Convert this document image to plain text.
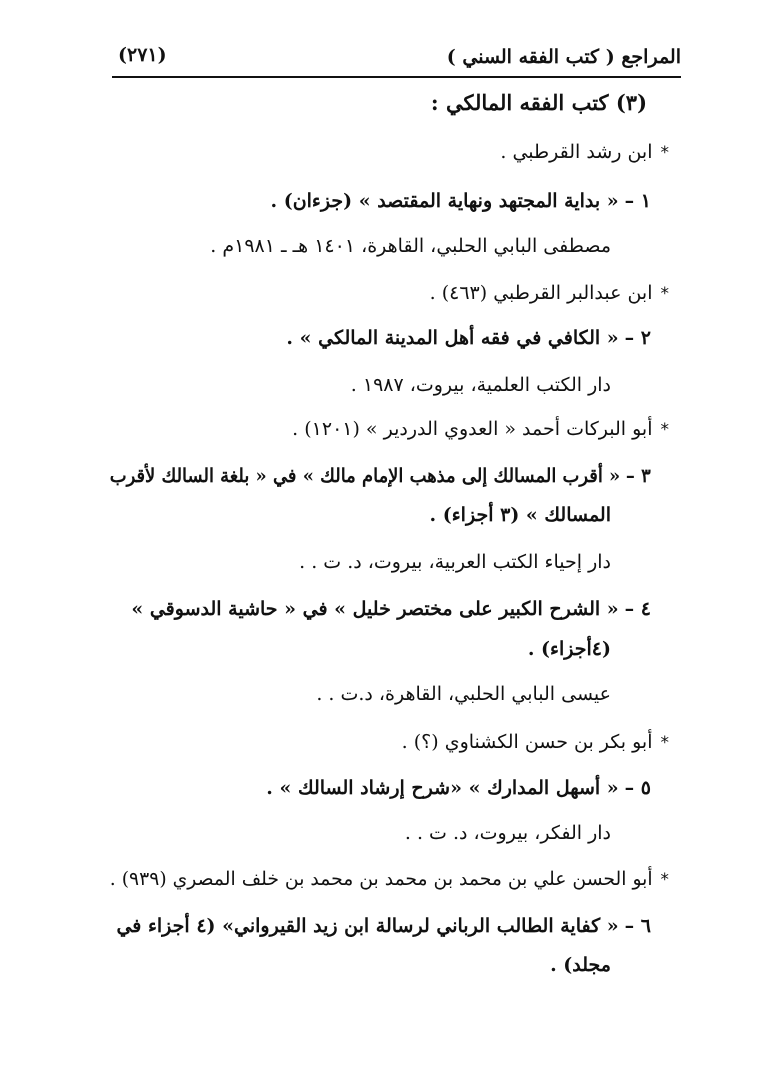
المراجع ( كتب الفقه السني )
(٢٧١)
(٣) كتب الفقه المالكي :
*ابن رشد القرطبي .
١ –« بداية المجتهد ونهاية المقتصد » (جزءان) .
مصطفى البابي الحلبي، القاهرة، ١٤٠١ هـ ـ ١٩٨١م .
*ابن عبدالبر القرطبي (٤٦٣) .
٢ –« الكافي في فقه أهل المدينة المالكي » .
دار الكتب العلمية، بيروت، ١٩٨٧ .
*أبو البركات أحمد « العدوي الدردير » (١٢٠١) .
٣ –« أقرب المسالك إلى مذهب الإمام مالك » في « بلغة السالك لأقرب
المسالك » (٣ أجزاء) .
دار إحياء الكتب العربية، بيروت، د. ت . .
٤ –« الشرح الكبير على مختصر خليل » في « حاشية الدسوقي »
(٤أجزاء) .
عيسى البابي الحلبي، القاهرة، د.ت . .
*أبو بكر بن حسن الكشناوي (؟) .
٥ –« أسهل المدارك » «شرح إرشاد السالك » .
دار الفكر، بيروت، د. ت . .
*أبو الحسن علي بن محمد بن محمد بن محمد بن خلف المصري (٩٣٩) .
٦ –« كفاية الطالب الرباني لرسالة ابن زيد القيرواني» (٤ أجزاء في
مجلد) .
